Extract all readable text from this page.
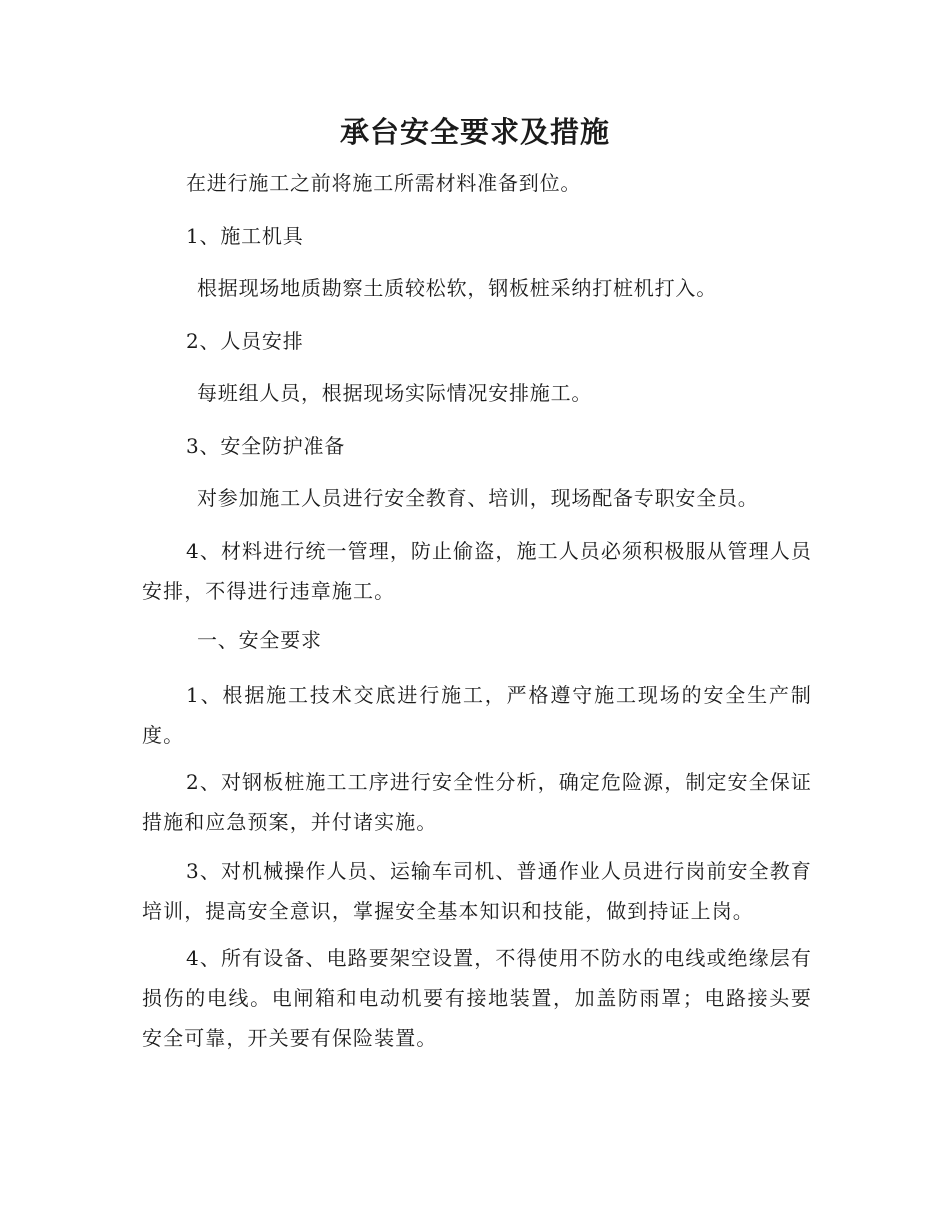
承台安全要求及措施

在进行施工之前将施工所需材料准备到位。

1、施工机具

根据现场地质勘察土质较松软，钢板桩采纳打桩机打入。

2、人员安排

每班组人员，根据现场实际情况安排施工。

3、安全防护准备

对参加施工人员进行安全教育、培训，现场配备专职安全员。

4、材料进行统一管理，防止偷盗，施工人员必须积极服从管理人员安排，不得进行违章施工。

一、安全要求

1、根据施工技术交底进行施工，严格遵守施工现场的安全生产制度。

2、对钢板桩施工工序进行安全性分析，确定危险源，制定安全保证措施和应急预案，并付诸实施。

3、对机械操作人员、运输车司机、普通作业人员进行岗前安全教育培训，提高安全意识，掌握安全基本知识和技能，做到持证上岗。

4、所有设备、电路要架空设置，不得使用不防水的电线或绝缘层有损伤的电线。电闸箱和电动机要有接地装置，加盖防雨罩；电路接头要安全可靠，开关要有保险装置。
